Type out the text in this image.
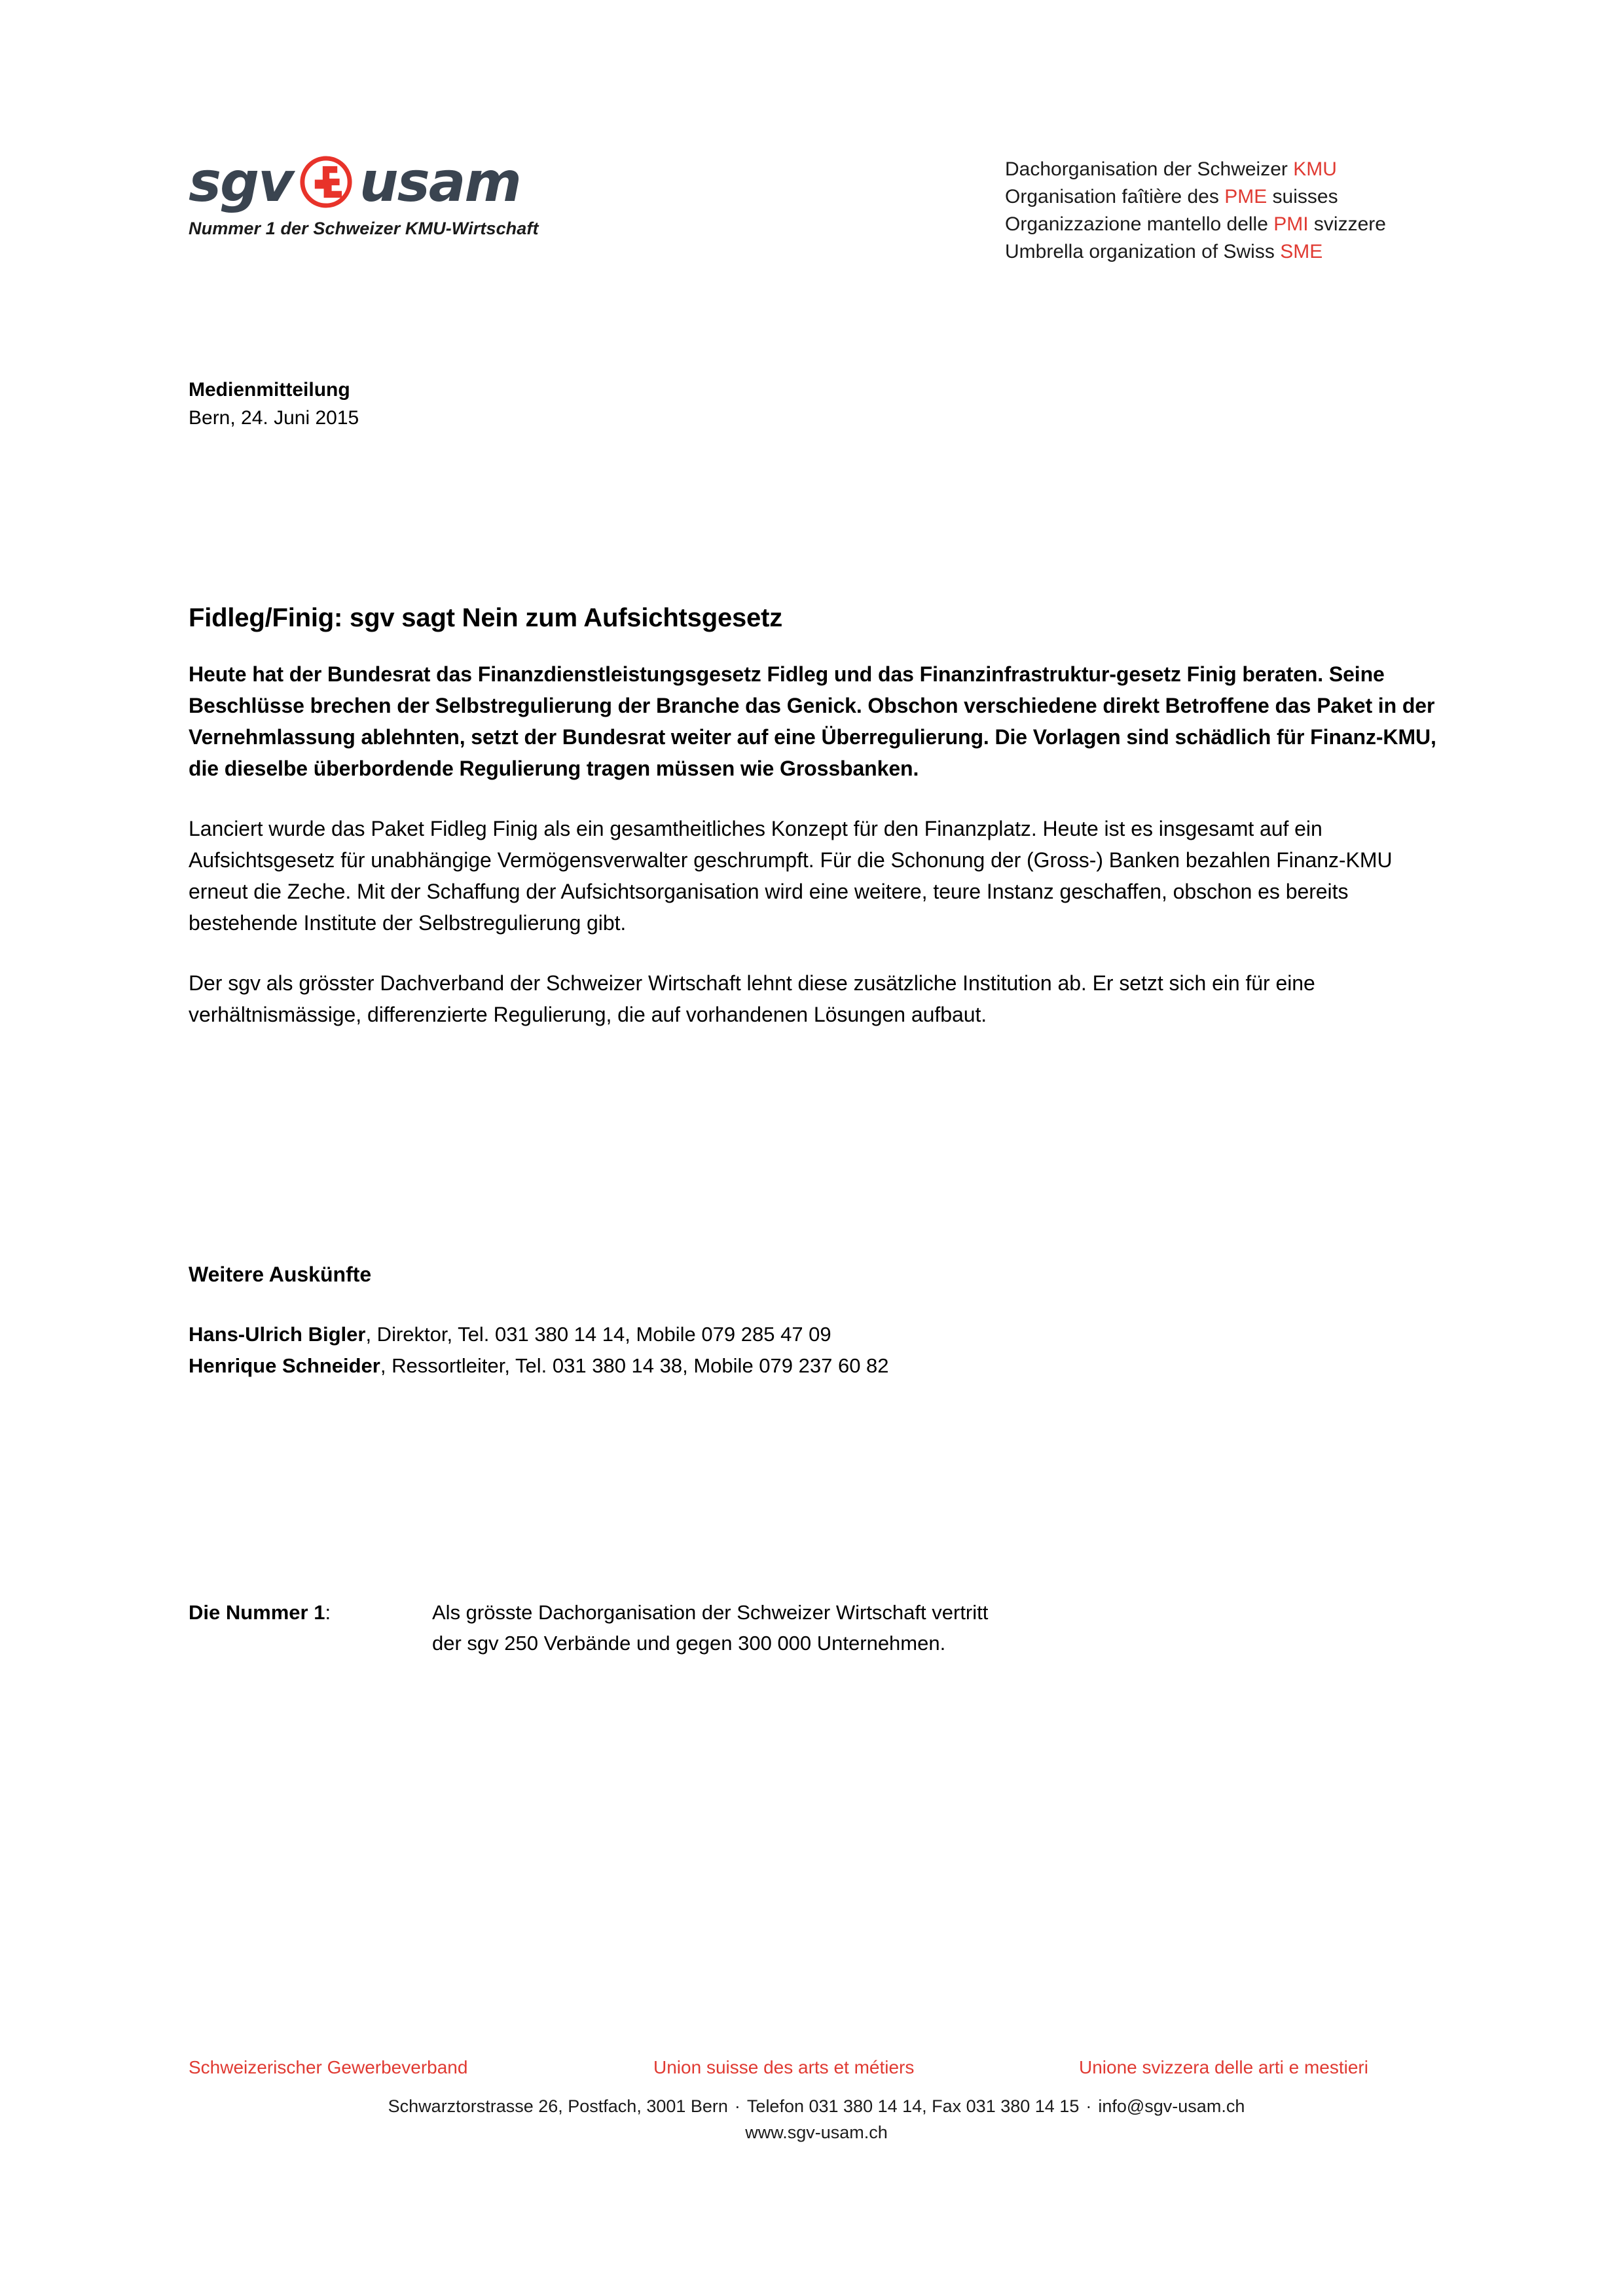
sgv usam
Nummer 1 der Schweizer KMU-Wirtschaft
Dachorganisation der Schweizer KMU
Organisation faîtière des PME suisses
Organizzazione mantello delle PMI svizzere
Umbrella organization of Swiss SME
Medienmitteilung
Bern, 24. Juni 2015
Fidleg/Finig: sgv sagt Nein zum Aufsichtsgesetz

Heute hat der Bundesrat das Finanzdienstleistungsgesetz Fidleg und das Finanzinfrastruktur-gesetz Finig beraten. Seine Beschlüsse brechen der Selbstregulierung der Branche das Genick. Obschon verschiedene direkt Betroffene das Paket in der Vernehmlassung ablehnten, setzt der Bundesrat weiter auf eine Überregulierung. Die Vorlagen sind schädlich für Finanz-KMU, die dieselbe überbordende Regulierung tragen müssen wie Grossbanken.

Lanciert wurde das Paket Fidleg Finig als ein gesamtheitliches Konzept für den Finanzplatz. Heute ist es insgesamt auf ein Aufsichtsgesetz für unabhängige Vermögensverwalter geschrumpft. Für die Schonung der (Gross-) Banken bezahlen Finanz-KMU erneut die Zeche. Mit der Schaffung der Aufsichtsorganisation wird eine weitere, teure Instanz geschaffen, obschon es bereits bestehende Institute der Selbstregulierung gibt.

Der sgv als grösster Dachverband der Schweizer Wirtschaft lehnt diese zusätzliche Institution ab. Er setzt sich ein für eine verhältnismässige, differenzierte Regulierung, die auf vorhandenen Lösungen aufbaut.

Weitere Auskünfte
Hans-Ulrich Bigler, Direktor, Tel. 031 380 14 14, Mobile 079 285 47 09
Henrique Schneider, Ressortleiter, Tel. 031 380 14 38, Mobile 079 237 60 82
Die Nummer 1:	Als grösste Dachorganisation der Schweizer Wirtschaft vertritt
der sgv 250 Verbände und gegen 300 000 Unternehmen.
Schweizerischer Gewerbeverband	Union suisse des arts et métiers	Unione svizzera delle arti e mestieri
Schwarztorstrasse 26, Postfach, 3001 Bern · Telefon 031 380 14 14, Fax 031 380 14 15 · info@sgv-usam.ch
www.sgv-usam.ch
